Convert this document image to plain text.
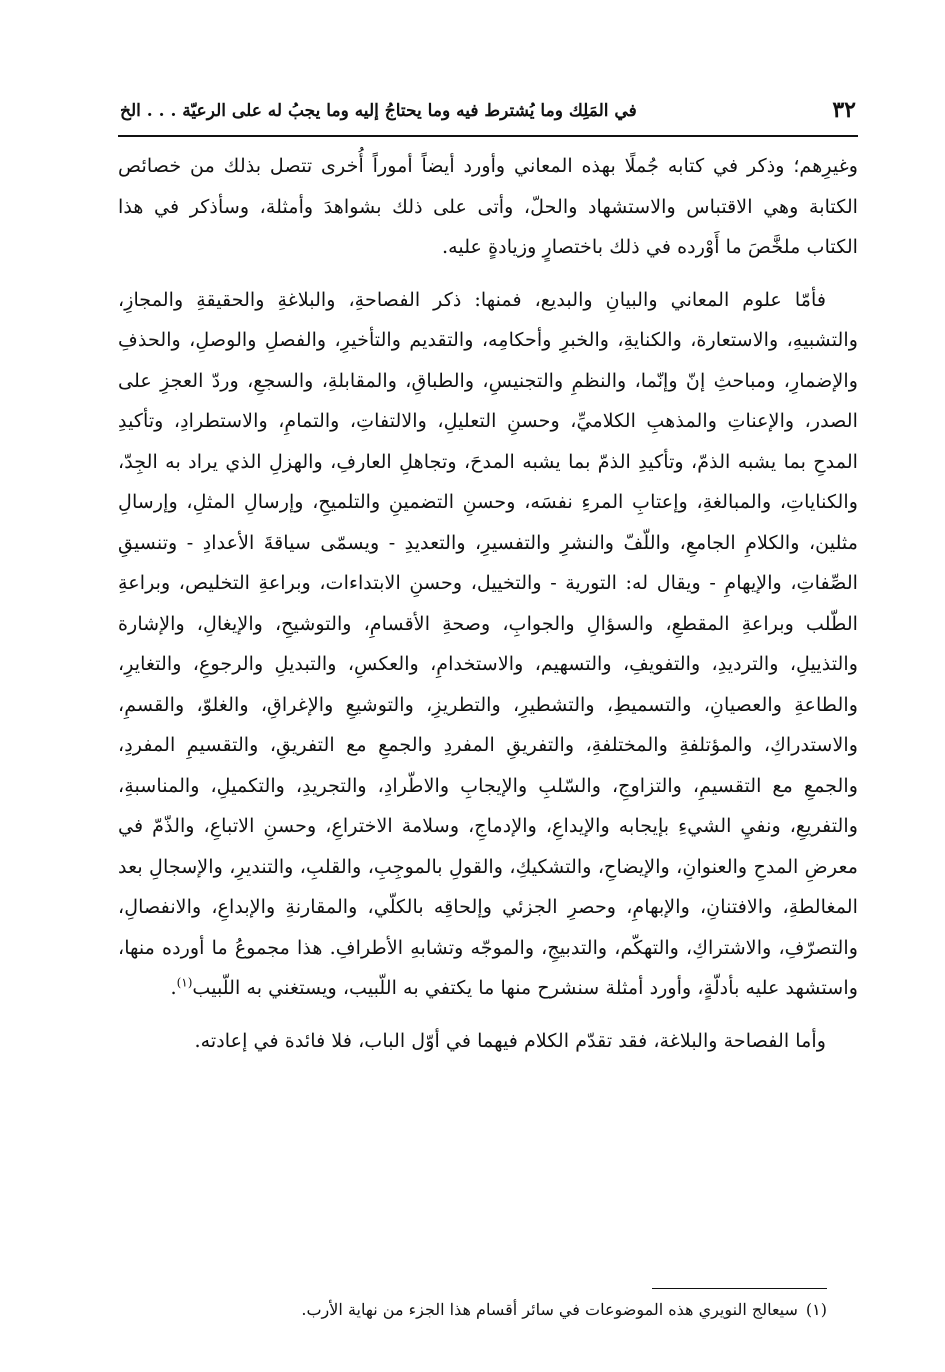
٣٢
في المَلِك وما يُشترط فيه وما يحتاجُ إليه وما يجبُ له على الرعيّة . . . الخ

وغيرِهم؛ وذكر في كتابه جُملًا بهذه المعاني وأورد أيضاً أموراً أُخرى تتصل بذلك من خصائص الكتابة وهي الاقتباس والاستشهاد والحلّ، وأتى على ذلك بشواهدَ وأمثلة، وسأذكر في هذا الكتاب ملخَّصَ ما أَوْرده في ذلك باختصارٍ وزيادةٍ عليه.

فأمّا علوم المعاني والبيانِ والبديع، فمنها: ذكر الفصاحةِ، والبلاغةِ والحقيقةِ والمجازِ، والتشبيهِ، والاستعارة، والكنايةِ، والخبرِ وأحكامِه، والتقديم والتأخيرِ، والفصلِ والوصلِ، والحذفِ والإضمارِ، ومباحثِ إنّ وإنّما، والنظمِ والتجنيسِ، والطباقِ، والمقابلةِ، والسجعِ، وردّ العجزِ على الصدر، والإعناتِ والمذهبِ الكلاميِّ، وحسنِ التعليلِ، والالتفاتِ، والتمامِ، والاستطرادِ، وتأكيدِ المدحِ بما يشبه الذمّ، وتأكيدِ الذمّ بما يشبه المدحَ، وتجاهلِ العارفِ، والهزلِ الذي يراد به الجِدّ، والكناياتِ، والمبالغةِ، وإعتابِ المرءِ نفسَه، وحسنِ التضمينِ والتلميحِ، وإرسالِ المثلِ، وإرسالِ مثلين، والكلامِ الجامعِ، واللّفّ والنشرِ والتفسيرِ، والتعديدِ - ويسمّى سياقةَ الأعدادِ - وتنسيقِ الصِّفاتِ، والإيهامِ - ويقال له: التورية - والتخييل، وحسنِ الابتداءات، وبراعةِ التخليص، وبراعةِ الطّلب وبراعةِ المقطعِ، والسؤالِ والجوابِ، وصحةِ الأقسامِ، والتوشيحِ، والإيغالِ، والإشارة والتذييلِ، والترديدِ، والتفويفِ، والتسهيم، والاستخدامِ، والعكسِ، والتبديلِ والرجوعِ، والتغايرِ، والطاعةِ والعصيانِ، والتسميطِ، والتشطيرِ، والتطريزِ، والتوشيعِ والإغراقِ، والغلوّ، والقسمِ، والاستدراكِ، والمؤتلفةِ والمختلفةِ، والتفريقِ المفردِ والجمعِ مع التفريقِ، والتقسيمِ المفردِ، والجمعِ مع التقسيمِ، والتزاوجِ، والسّلبِ والإيجابِ والاطّرادِ، والتجريدِ، والتكميلِ، والمناسبةِ، والتفريعِ، ونفيِ الشيءِ بإيجابه والإيداعِ، والإدماجِ، وسلامة الاختراعِ، وحسنِ الاتباعِ، والذّمّ في معرضِ المدحِ والعنوانِ، والإيضاحِ، والتشكيكِ، والقولِ بالموجِبِ، والقلبِ، والتنديرِ، والإسجالِ بعد المغالطةِ، والافتنانِ، والإبهامِ، وحصرِ الجزئي وإلحاقِه بالكلّي، والمقارنةِ والإبداعِ، والانفصالِ، والتصرّفِ، والاشتراكِ، والتهكّم، والتدبيجِ، والموجّه وتشابهِ الأطرافِ. هذا مجموعُ ما أورده منها، واستشهد عليه بأدلّةٍ، وأورد أمثلة سنشرح منها ما يكتفي به اللّبيب، ويستغني به اللّبيب$^{(١)}$.

وأما الفصاحة والبلاغة، فقد تقدّم الكلام فيهما في أوّل الباب، فلا فائدة في إعادته.

(١)سيعالج النويري هذه الموضوعات في سائر أقسام هذا الجزء من نهاية الأرب.
